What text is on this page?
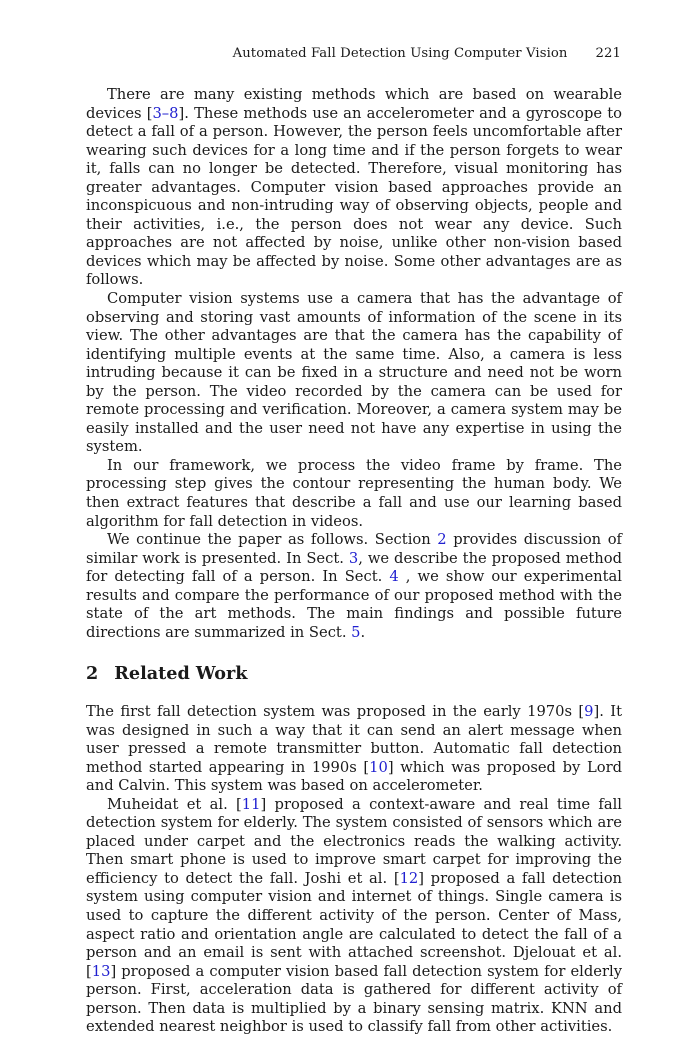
Automated Fall Detection Using Computer Vision 221

There are many existing methods which are based on wearable devices [3–8]. These methods use an accelerometer and a gyroscope to detect a fall of a person. However, the person feels uncomfortable after wearing such devices for a long time and if the person forgets to wear it, falls can no longer be detected. Therefore, visual monitoring has greater advantages. Computer vision based approaches provide an inconspicuous and non-intruding way of observing objects, people and their activities, i.e., the person does not wear any device. Such approaches are not affected by noise, unlike other non-vision based devices which may be affected by noise. Some other advantages are as follows.

Computer vision systems use a camera that has the advantage of observing and storing vast amounts of information of the scene in its view. The other advantages are that the camera has the capability of identifying multiple events at the same time. Also, a camera is less intruding because it can be fixed in a structure and need not be worn by the person. The video recorded by the camera can be used for remote processing and verification. Moreover, a camera system may be easily installed and the user need not have any expertise in using the system.

In our framework, we process the video frame by frame. The processing step gives the contour representing the human body. We then extract features that describe a fall and use our learning based algorithm for fall detection in videos.

We continue the paper as follows. Section 2 provides discussion of similar work is presented. In Sect. 3, we describe the proposed method for detecting fall of a person. In Sect. 4 , we show our experimental results and compare the performance of our proposed method with the state of the art methods. The main findings and possible future directions are summarized in Sect. 5.

2 Related Work

The first fall detection system was proposed in the early 1970s [9]. It was designed in such a way that it can send an alert message when user pressed a remote transmitter button. Automatic fall detection method started appearing in 1990s [10] which was proposed by Lord and Calvin. This system was based on accelerometer.

Muheidat et al. [11] proposed a context-aware and real time fall detection system for elderly. The system consisted of sensors which are placed under carpet and the electronics reads the walking activity. Then smart phone is used to improve smart carpet for improving the efficiency to detect the fall. Joshi et al. [12] proposed a fall detection system using computer vision and internet of things. Single camera is used to capture the different activity of the person. Center of Mass, aspect ratio and orientation angle are calculated to detect the fall of a person and an email is sent with attached screenshot. Djelouat et al. [13] proposed a computer vision based fall detection system for elderly person. First, acceleration data is gathered for different activity of person. Then data is multiplied by a binary sensing matrix. KNN and extended nearest neighbor is used to classify fall from other activities.
